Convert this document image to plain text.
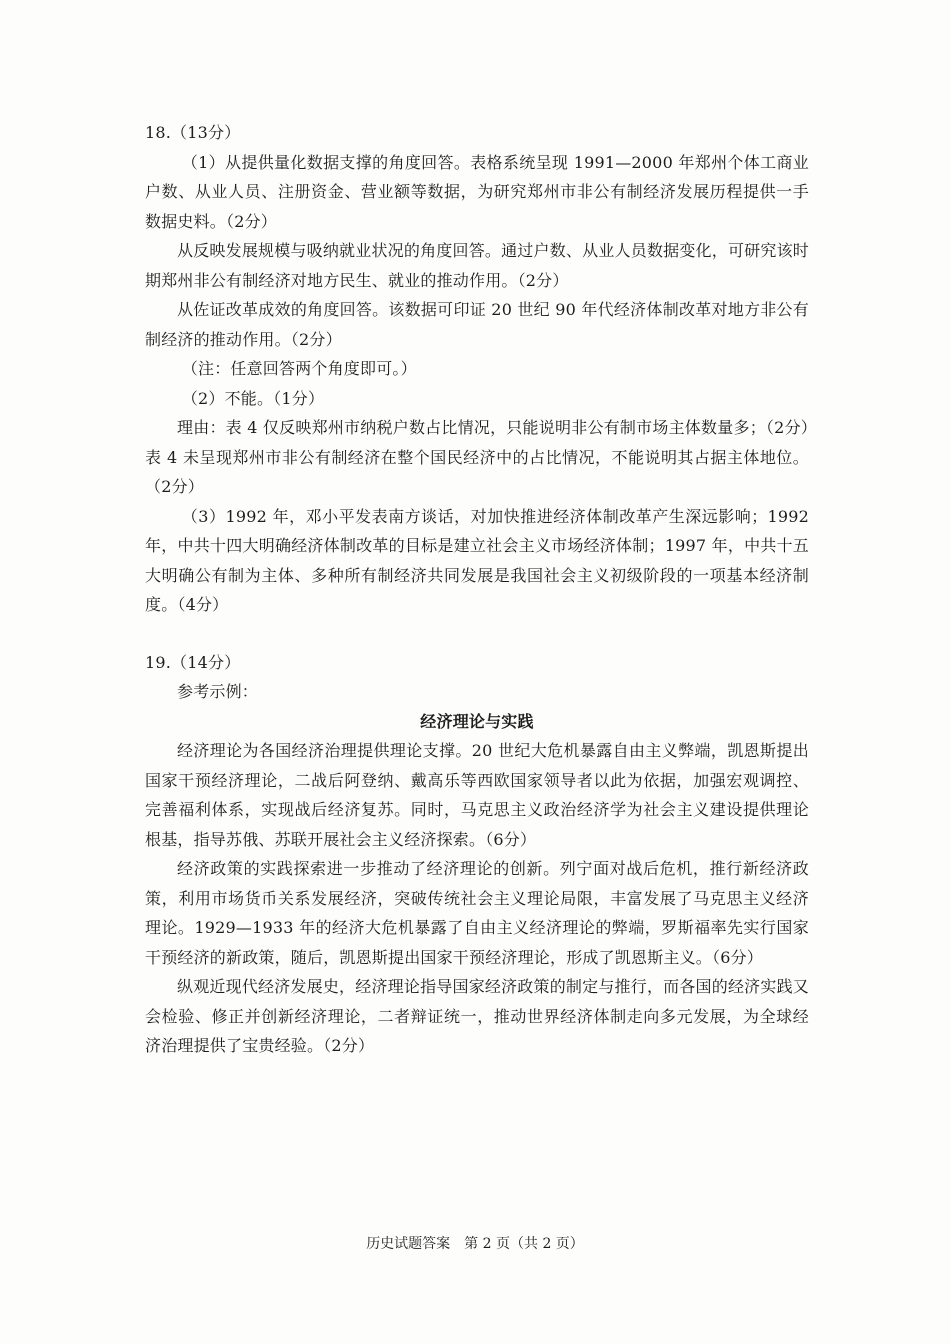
18.（13分）

（1）从提供量化数据支撑的角度回答。表格系统呈现 1991—2000 年郑州个体工商业户数、从业人员、注册资金、营业额等数据，为研究郑州市非公有制经济发展历程提供一手数据史料。（2分）

从反映发展规模与吸纳就业状况的角度回答。通过户数、从业人员数据变化，可研究该时期郑州非公有制经济对地方民生、就业的推动作用。（2分）

从佐证改革成效的角度回答。该数据可印证 20 世纪 90 年代经济体制改革对地方非公有制经济的推动作用。（2分）

（注：任意回答两个角度即可。）

（2）不能。（1分）

理由：表 4 仅反映郑州市纳税户数占比情况，只能说明非公有制市场主体数量多；（2分）表 4 未呈现郑州市非公有制经济在整个国民经济中的占比情况，不能说明其占据主体地位。（2分）

（3）1992 年，邓小平发表南方谈话，对加快推进经济体制改革产生深远影响；1992年，中共十四大明确经济体制改革的目标是建立社会主义市场经济体制；1997 年，中共十五大明确公有制为主体、多种所有制经济共同发展是我国社会主义初级阶段的一项基本经济制度。（4分）

19.（14分）

参考示例：

经济理论与实践

经济理论为各国经济治理提供理论支撑。20 世纪大危机暴露自由主义弊端，凯恩斯提出国家干预经济理论，二战后阿登纳、戴高乐等西欧国家领导者以此为依据，加强宏观调控、完善福利体系，实现战后经济复苏。同时，马克思主义政治经济学为社会主义建设提供理论根基，指导苏俄、苏联开展社会主义经济探索。（6分）

经济政策的实践探索进一步推动了经济理论的创新。列宁面对战后危机，推行新经济政策，利用市场货币关系发展经济，突破传统社会主义理论局限，丰富发展了马克思主义经济理论。1929—1933 年的经济大危机暴露了自由主义经济理论的弊端，罗斯福率先实行国家干预经济的新政策，随后，凯恩斯提出国家干预经济理论，形成了凯恩斯主义。（6分）

纵观近现代经济发展史，经济理论指导国家经济政策的制定与推行，而各国的经济实践又会检验、修正并创新经济理论，二者辩证统一，推动世界经济体制走向多元发展，为全球经济治理提供了宝贵经验。（2分）

历史试题答案　第 2 页（共 2 页）
